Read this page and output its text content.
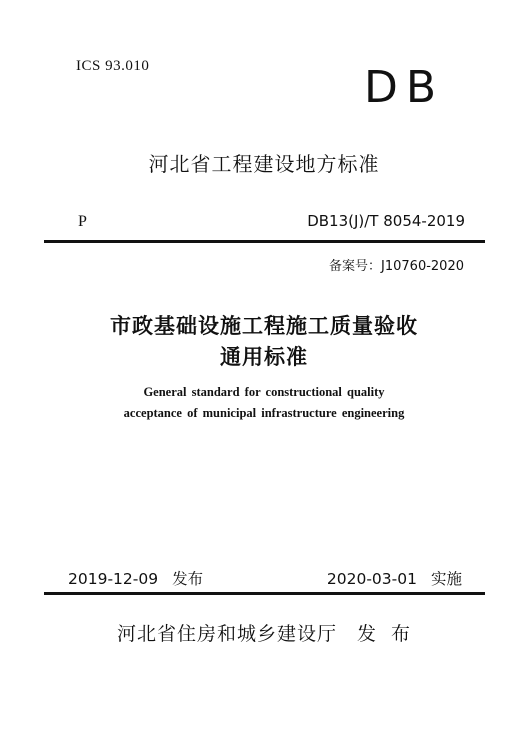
ICS 93.010	DB
河北省工程建设地方标准
P	DB13(J)/T 8054-2019
备案号：J10760-2020
市政基础设施工程施工质量验收
通用标准
General standard for constructional quality
acceptance of municipal infrastructure engineering
2019-12-09 发布	2020-03-01 实施
河北省住房和城乡建设厅 发 布
